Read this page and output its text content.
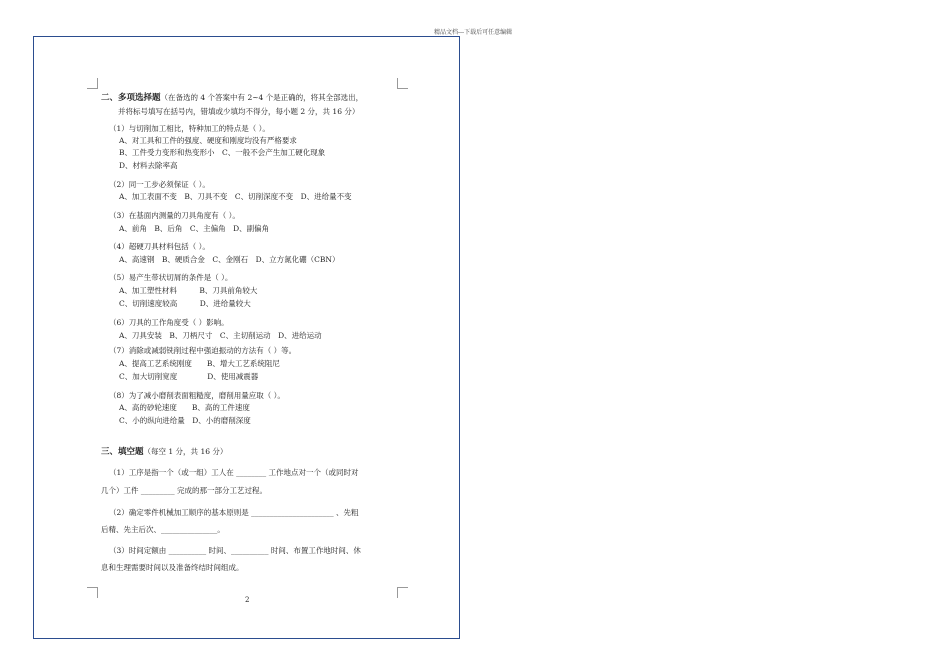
精品文档---下载后可任意编辑
二、多项选择题（在备选的 4 个答案中有 2~4 个是正确的，将其全部选出，
并将标号填写在括号内，错填或少填均不得分，每小题 2 分，共 16 分）
（1）与切削加工相比，特种加工的特点是（ ）。
A、对工具和工件的强度、硬度和刚度均没有严格要求
B、工件受力变形和热变形小　C、一般不会产生加工硬化现象
D、材料去除率高
（2）同一工步必须保证（ ）。
A、加工表面不变　B、刀具不变　C、切削深度不变　D、进给量不变
（3）在基面内测量的刀具角度有（ ）。
A、前角　B、后角　C、主偏角　D、副偏角
（4）超硬刀具材料包括（ ）。
A、高速钢　B、硬质合金　C、金刚石　D、立方氮化硼（CBN）
（5）易产生带状切屑的条件是（ ）。
A、加工塑性材料　　　B、刀具前角较大
C、切削速度较高　　　D、进给量较大
（6）刀具的工作角度受（ ）影响。
A、刀具安装　B、刀柄尺寸　C、主切削运动　D、进给运动
（7）消除或减弱铣削过程中强迫振动的方法有（ ）等。
A、提高工艺系统刚度　　B、增大工艺系统阻尼
C、加大切削宽度　　　　D、使用减震器
（8）为了减小磨削表面粗糙度，磨削用量应取（ ）。
A、高的砂轮速度　　B、高的工件速度
C、小的纵向进给量　D、小的磨削深度
三、填空题（每空 1 分，共 16 分）
（1）工序是指一个（或一组）工人在 ________ 工作地点对一个（或同时对
几个）工件 _________ 完成的那一部分工艺过程。
（2）确定零件机械加工顺序的基本原则是 ______________________ 、先粗
后精、先主后次、_______________。
（3）时间定额由 __________ 时间、__________ 时间、布置工作地时间、休
息和生理需要时间以及准备终结时间组成。
2
